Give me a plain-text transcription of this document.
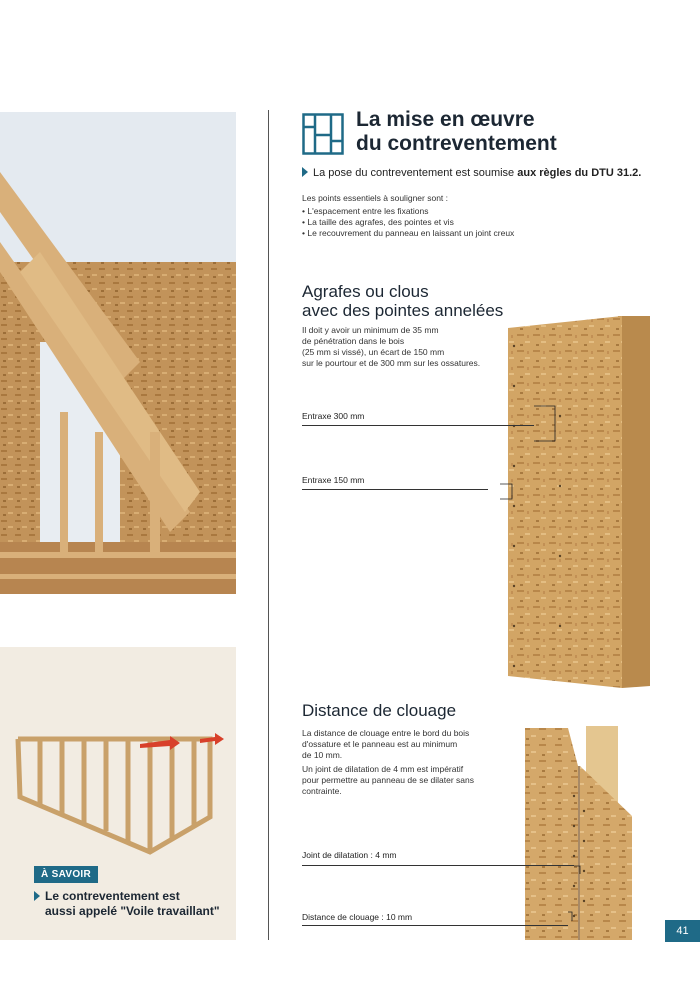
À SAVOIR
Le contreventement est
aussi appelé "Voile travaillant"
La mise en œuvre
du contreventement
La pose du contreventement est soumise aux règles du DTU 31.2.
Les points essentiels à souligner sont :
• L'espacement entre les fixations
• La taille des agrafes, des pointes et vis
• Le recouvrement du panneau en laissant un joint creux
Agrafes ou clous
avec des pointes annelées
Il doit y avoir un minimum de 35 mm
de pénétration dans le bois
(25 mm si vissé), un écart de 150 mm
sur le pourtour et de 300 mm sur les ossatures.
Entraxe 300 mm
Entraxe 150 mm
Distance de clouage
La distance de clouage entre le bord du bois
d'ossature et le panneau est au minimum
de 10 mm.
Un joint de dilatation de 4 mm est impératif
pour permettre au panneau de se dilater sans
contrainte.
Joint de dilatation : 4 mm
Distance de clouage : 10 mm
41
